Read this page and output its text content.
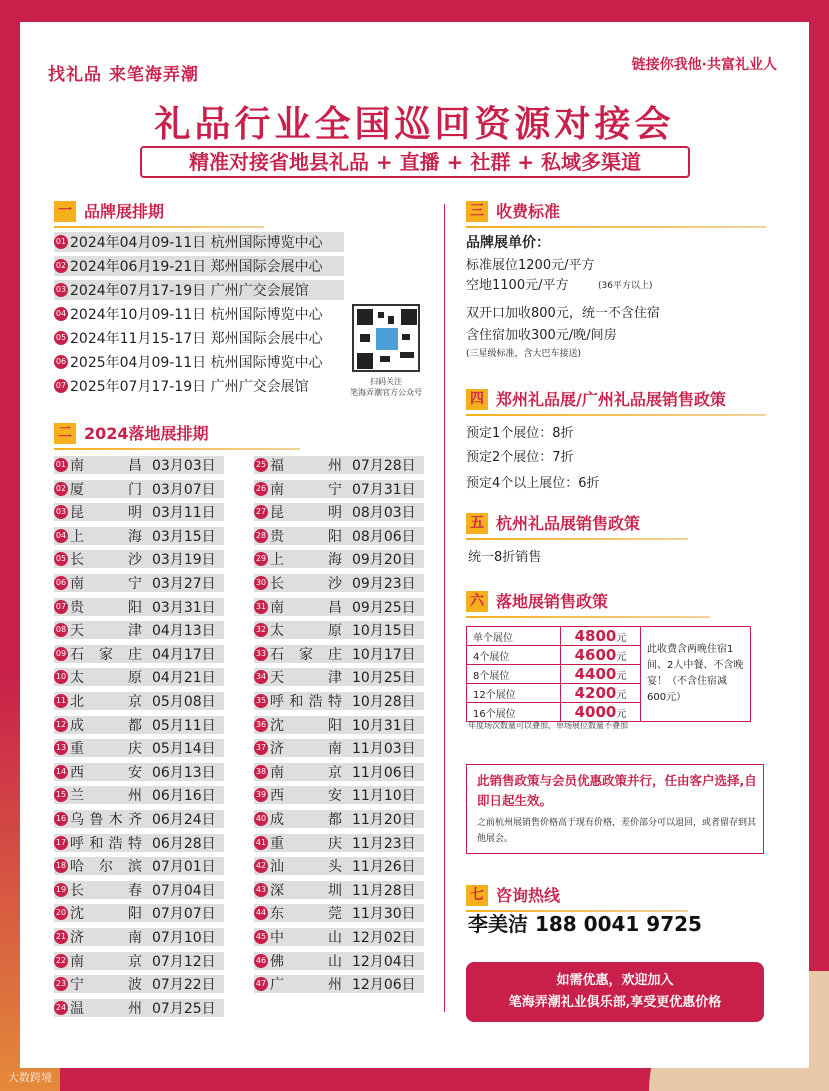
找礼品 来笔海弄潮	链接你我他·共富礼业人
礼品行业全国巡回资源对接会
精准对接省地县礼品 + 直播 + 社群 + 私域多渠道
一 品牌展排期
01 2024年04月09-11日 杭州国际博览中心
02 2024年06月19-21日 郑州国际会展中心
03 2024年07月17-19日 广州广交会展馆
04 2024年10月09-11日 杭州国际博览中心
05 2024年11月15-17日 郑州国际会展中心
06 2025年04月09-11日 杭州国际博览中心
07 2025年07月17-19日 广州广交会展馆	扫码关注
笔海弄潮官方公众号
二 2024落地展排期
01 南昌 03月03日
02 厦门 03月07日
03 昆明 03月11日
04 上海 03月15日
05 长沙 03月19日
06 南宁 03月27日
07 贵阳 03月31日
08 天津 04月13日
09 石家庄 04月17日
10 太原 04月21日
11 北京 05月08日
12 成都 05月11日
13 重庆 05月14日
14 西安 06月13日
15 兰州 06月16日
16 乌鲁木齐 06月24日
17 呼和浩特 06月28日
18 哈尔滨 07月01日
19 长春 07月04日
20 沈阳 07月07日
21 济南 07月10日
22 南京 07月12日
23 宁波 07月22日
24 温州 07月25日
25 福州 07月28日
26 南宁 07月31日
27 昆明 08月03日
28 贵阳 08月06日
29 上海 09月20日
30 长沙 09月23日
31 南昌 09月25日
32 太原 10月15日
33 石家庄 10月17日
34 天津 10月25日
35 呼和浩特 10月28日
36 沈阳 10月31日
37 济南 11月03日
38 南京 11月06日
39 西安 11月10日
40 成都 11月20日
41 重庆 11月23日
42 汕头 11月26日
43 深圳 11月28日
44 东莞 11月30日
45 中山 12月02日
46 佛山 12月04日
47 广州 12月06日
三 收费标准
品牌展单价：
标准展位1200元/平方
空地1100元/平方	(36平方以上)
双开口加收800元，统一不含住宿
含住宿加收300元/晚/间房
(三星级标准，含大巴车接送)
四 郑州礼品展/广州礼品展销售政策
预定1个展位：8折
预定2个展位：7折
预定4个以上展位：6折
五 杭州礼品展销售政策
统一8折销售
六 落地展销售政策
单个展位	4800元	此收费含两晚住宿1间、2人中餐、不含晚宴！（不含住宿减600元）
4个展位	4600元	
8个展位	4400元	
12个展位	4200元	
16个展位	4000元	
年度场次数量可以叠加，单场展位数量不叠加
此销售政策与会员优惠政策并行，任由客户选择,自即日起生效。
之前杭州展销售价格高于现有价格，差价部分可以退回，或者留存到其他展会。
七 咨询热线
李美洁 188 0041 9725
如需优惠，欢迎加入
笔海弄潮礼业俱乐部,享受更优惠价格
大数跨境
